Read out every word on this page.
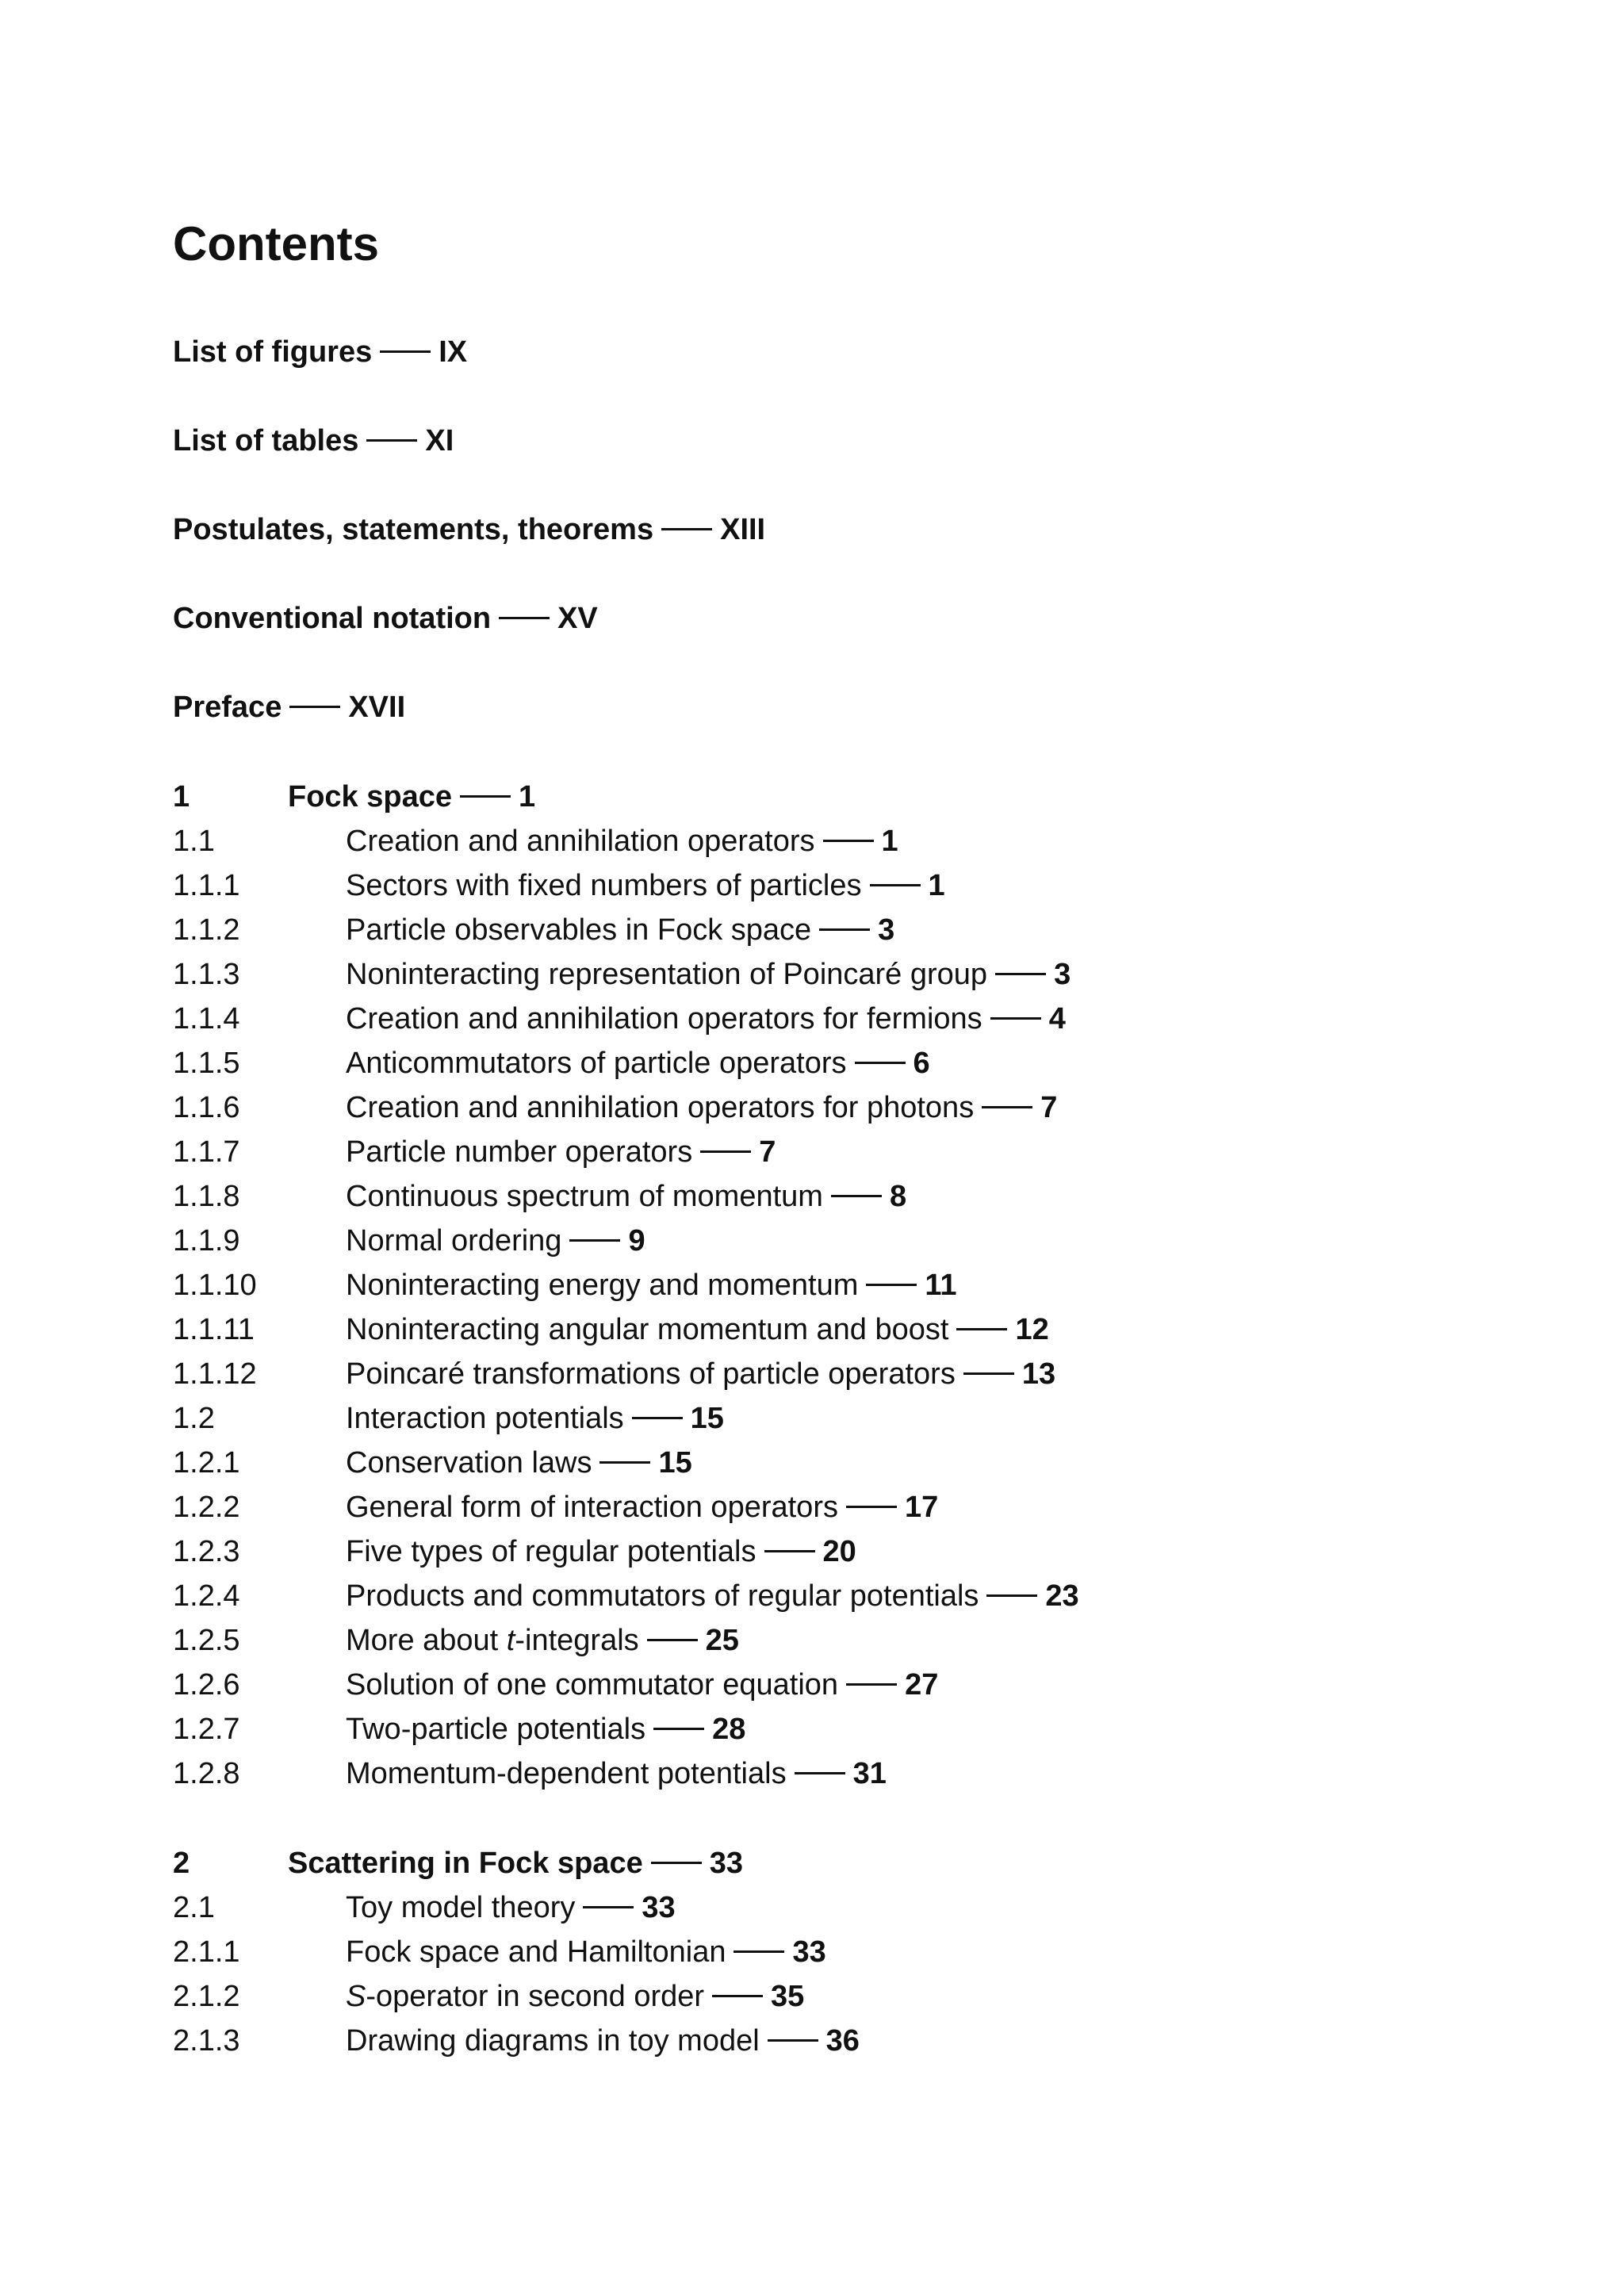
Contents
List of figures IX
List of tables XI
Postulates, statements, theorems XIII
Conventional notation XV
Preface XVII
1	Fock space 1
1.1	Creation and annihilation operators 1
1.1.1	Sectors with fixed numbers of particles 1
1.1.2	Particle observables in Fock space 3
1.1.3	Noninteracting representation of Poincaré group 3
1.1.4	Creation and annihilation operators for fermions 4
1.1.5	Anticommutators of particle operators 6
1.1.6	Creation and annihilation operators for photons 7
1.1.7	Particle number operators 7
1.1.8	Continuous spectrum of momentum 8
1.1.9	Normal ordering 9
1.1.10	Noninteracting energy and momentum 11
1.1.11	Noninteracting angular momentum and boost 12
1.1.12	Poincaré transformations of particle operators 13
1.2	Interaction potentials 15
1.2.1	Conservation laws 15
1.2.2	General form of interaction operators 17
1.2.3	Five types of regular potentials 20
1.2.4	Products and commutators of regular potentials 23
1.2.5	More about t-integrals 25
1.2.6	Solution of one commutator equation 27
1.2.7	Two-particle potentials 28
1.2.8	Momentum-dependent potentials 31
2	Scattering in Fock space 33
2.1	Toy model theory 33
2.1.1	Fock space and Hamiltonian 33
2.1.2	S-operator in second order 35
2.1.3	Drawing diagrams in toy model 36
